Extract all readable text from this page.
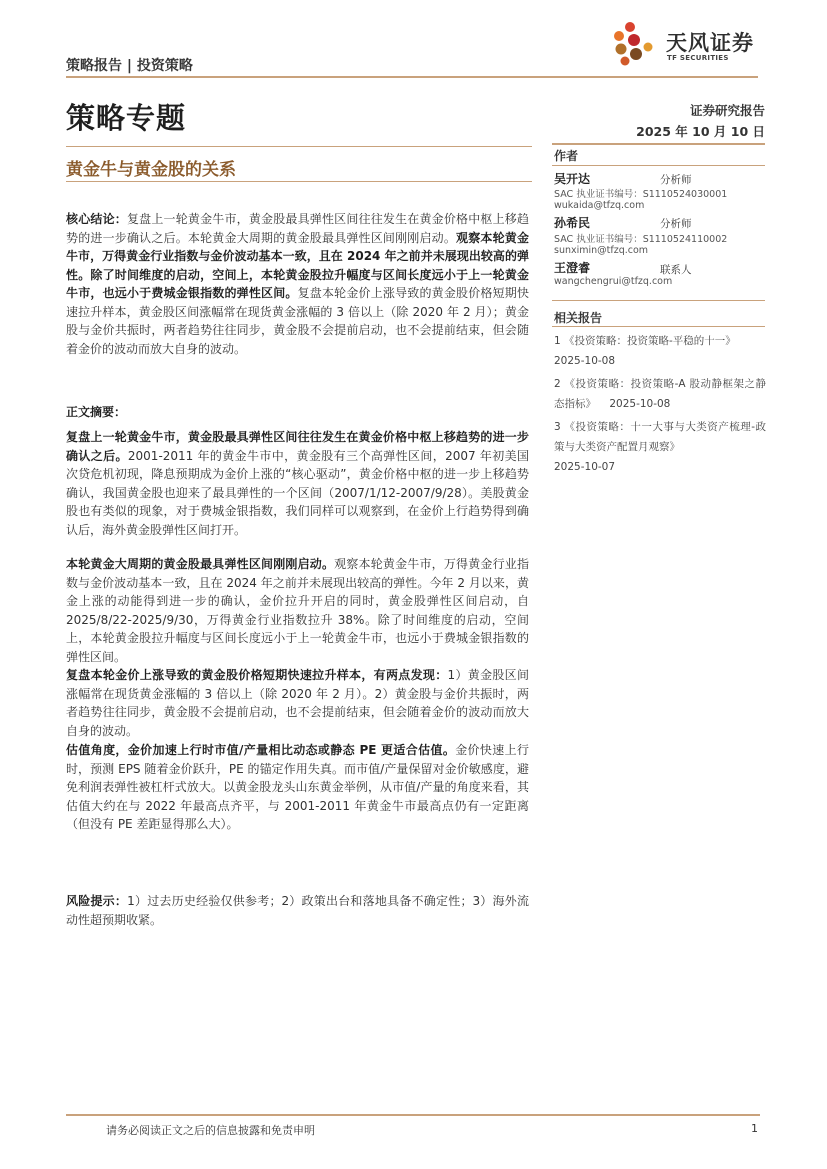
策略报告 | 投资策略
天风证券
TF SECURITIES
策略专题	证券研究报告
2025 年 10 月 10 日
黄金牛与黄金股的关系
作者
吴开达	分析师
SAC 执业证书编号：S1110524030001
wukaida@tfzq.com
孙希民	分析师
SAC 执业证书编号：S1110524110002
sunximin@tfzq.com
王澄睿	联系人
wangchengrui@tfzq.com
相关报告
1 《投资策略：投资策略-平稳的十一》
2025-10-08
2 《投资策略：投资策略-A 股动静框架之静态指标》 2025-10-08
3 《投资策略：十一大事与大类资产梳理-政策与大类资产配置月观察》
2025-10-07
核心结论：复盘上一轮黄金牛市，黄金股最具弹性区间往往发生在黄金价格中枢上移趋势的进一步确认之后。本轮黄金大周期的黄金股最具弹性区间刚刚启动。观察本轮黄金牛市，万得黄金行业指数与金价波动基本一致，且在 2024 年之前并未展现出较高的弹性。除了时间维度的启动，空间上，本轮黄金股拉升幅度与区间长度远小于上一轮黄金牛市，也远小于费城金银指数的弹性区间。复盘本轮金价上涨导致的黄金股价格短期快速拉升样本，黄金股区间涨幅常在现货黄金涨幅的 3 倍以上（除 2020 年 2 月）；黄金股与金价共振时，两者趋势往往同步，黄金股不会提前启动，也不会提前结束，但会随着金价的波动而放大自身的波动。
正文摘要：
复盘上一轮黄金牛市，黄金股最具弹性区间往往发生在黄金价格中枢上移趋势的进一步确认之后。2001-2011 年的黄金牛市中，黄金股有三个高弹性区间，2007 年初美国次贷危机初现，降息预期成为金价上涨的“核心驱动”，黄金价格中枢的进一步上移趋势确认，我国黄金股也迎来了最具弹性的一个区间（2007/1/12-2007/9/28）。美股黄金股也有类似的现象，对于费城金银指数，我们同样可以观察到，在金价上行趋势得到确认后，海外黄金股弹性区间打开。
本轮黄金大周期的黄金股最具弹性区间刚刚启动。观察本轮黄金牛市，万得黄金行业指数与金价波动基本一致，且在 2024 年之前并未展现出较高的弹性。今年 2 月以来，黄金上涨的动能得到进一步的确认，金价拉升开启的同时，黄金股弹性区间启动，自 2025/8/22-2025/9/30，万得黄金行业指数拉升 38%。除了时间维度的启动，空间上，本轮黄金股拉升幅度与区间长度远小于上一轮黄金牛市，也远小于费城金银指数的弹性区间。
复盘本轮金价上涨导致的黄金股价格短期快速拉升样本，有两点发现：1）黄金股区间涨幅常在现货黄金涨幅的 3 倍以上（除 2020 年 2 月）。2）黄金股与金价共振时，两者趋势往往同步，黄金股不会提前启动，也不会提前结束，但会随着金价的波动而放大自身的波动。
估值角度，金价加速上行时市值/产量相比动态或静态 PE 更适合估值。金价快速上行时，预测 EPS 随着金价跃升，PE 的锚定作用失真。而市值/产量保留对金价敏感度，避免利润表弹性被杠杆式放大。以黄金股龙头山东黄金举例，从市值/产量的角度来看，其估值大约在与 2022 年最高点齐平，与 2001-2011 年黄金牛市最高点仍有一定距离（但没有 PE 差距显得那么大）。
风险提示：1）过去历史经验仅供参考；2）政策出台和落地具备不确定性；3）海外流动性超预期收紧。
请务必阅读正文之后的信息披露和免责申明	1
